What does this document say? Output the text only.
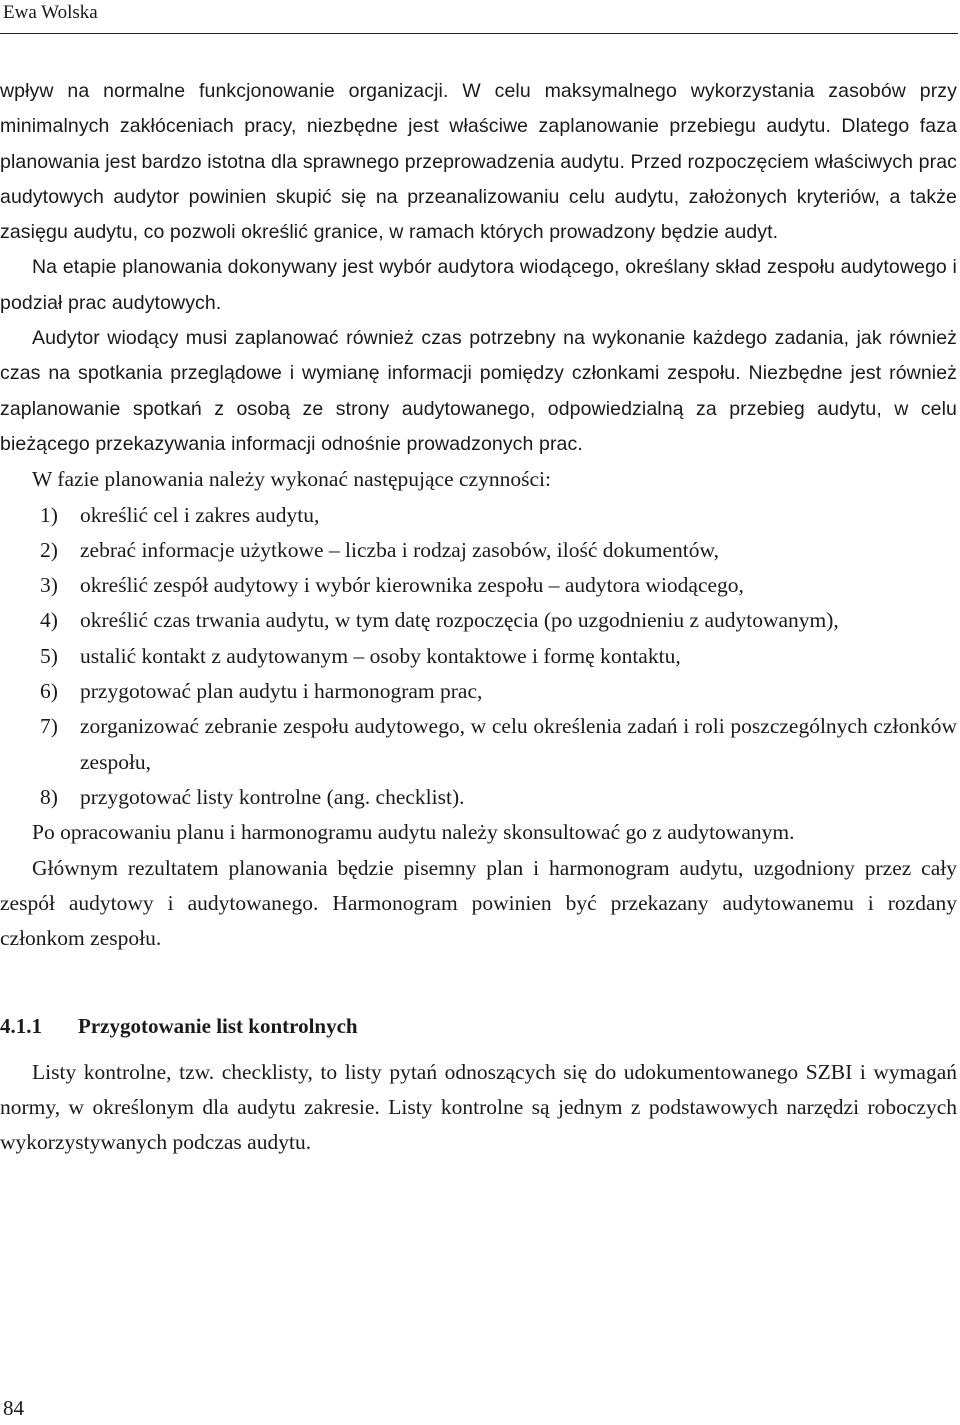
Ewa Wolska

wpływ na normalne funkcjonowanie organizacji. W celu maksymalnego wykorzystania zasobów przy minimalnych zakłóceniach pracy, niezbędne jest właściwe zaplanowanie przebiegu audytu. Dlatego faza planowania jest bardzo istotna dla sprawnego przeprowadzenia audytu. Przed rozpoczęciem właściwych prac audytowych audytor powinien skupić się na przeanalizowaniu celu audytu, założonych kryteriów, a także zasięgu audytu, co pozwoli określić granice, w ramach których prowadzony będzie audyt.

Na etapie planowania dokonywany jest wybór audytora wiodącego, określany skład zespołu audytowego i podział prac audytowych.

Audytor wiodący musi zaplanować również czas potrzebny na wykonanie każdego zadania, jak również czas na spotkania przeglądowe i wymianę informacji pomiędzy członkami zespołu. Niezbędne jest również zaplanowanie spotkań z osobą ze strony audytowanego, odpowiedzialną za przebieg audytu, w celu bieżącego przekazywania informacji odnośnie prowadzonych prac.

W fazie planowania należy wykonać następujące czynności:

1) określić cel i zakres audytu,
2) zebrać informacje użytkowe – liczba i rodzaj zasobów, ilość dokumentów,
3) określić zespół audytowy i wybór kierownika zespołu – audytora wiodącego,
4) określić czas trwania audytu, w tym datę rozpoczęcia (po uzgodnieniu z audytowanym),
5) ustalić kontakt z audytowanym – osoby kontaktowe i formę kontaktu,
6) przygotować plan audytu i harmonogram prac,
7) zorganizować zebranie zespołu audytowego, w celu określenia zadań i roli poszczególnych członków zespołu,
8) przygotować listy kontrolne (ang. checklist).

Po opracowaniu planu i harmonogramu audytu należy skonsultować go z audytowanym.

Głównym rezultatem planowania będzie pisemny plan i harmonogram audytu, uzgodniony przez cały zespół audytowy i audytowanego. Harmonogram powinien być przekazany audytowanemu i rozdany członkom zespołu.

4.1.1 Przygotowanie list kontrolnych

Listy kontrolne, tzw. checklisty, to listy pytań odnoszących się do udokumentowanego SZBI i wymagań normy, w określonym dla audytu zakresie. Listy kontrolne są jednym z podstawowych narzędzi roboczych wykorzystywanych podczas audytu.

84
